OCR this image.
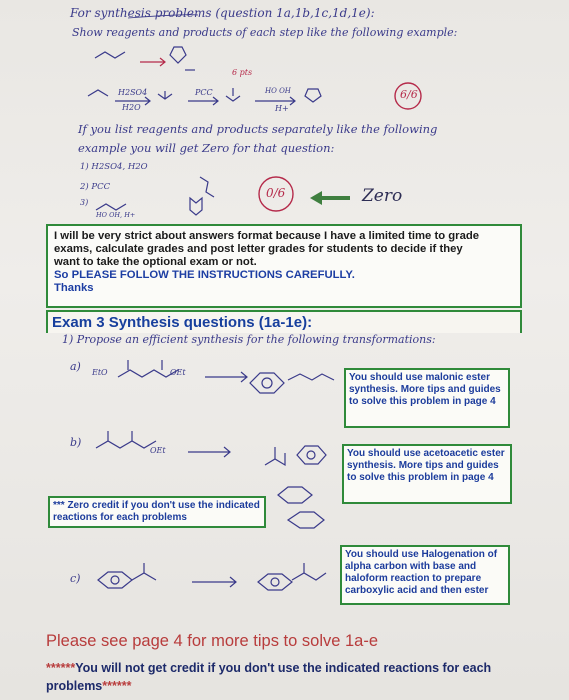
For synthesis problems (question 1a,1b,1c,1d,1e):
Show reagents and products of each step like the following example:
6 pts
H2SO4
H2O
PCC	HO OH
H+
6/6
If you list reagents and products separately like the following
example you will get Zero for that question:
1) H2SO4, H2O
2) PCC
3)
HO OH, H+
0/6	Zero
I will be very strict about answers format because I have a limited time to grade
exams, calculate grades and post letter grades for students to decide if they
want to take the optional exam or not.
So PLEASE FOLLOW THE INSTRUCTIONS CAREFULLY.
Thanks
Exam 3 Synthesis questions (1a-1e):
1) Propose an efficient synthesis for the following transformations:
a) EtO	OEt
b)
OEt
c)
You should use malonic ester synthesis. More tips and guides to solve this problem in page 4
You should use acetoacetic ester synthesis. More tips and guides to solve this problem in page 4
You should use Halogenation of alpha carbon with base and haloform reaction to prepare carboxylic acid and then ester
*** Zero credit if you don't use the indicated reactions for each problems
Please see page 4 for more tips to solve 1a-e
******You will not get credit if you don't use the indicated reactions for each problems******
